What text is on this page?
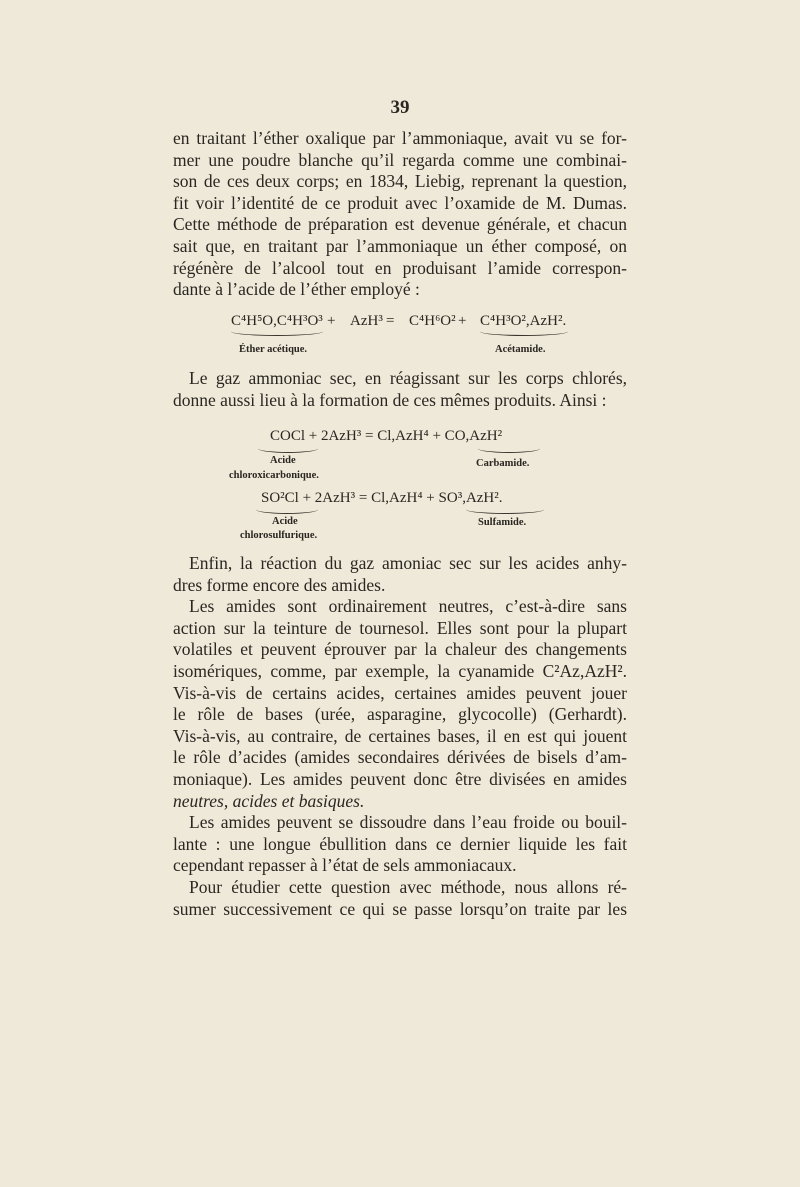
39
en traitant l’éther oxalique par l’ammoniaque, avait vu se for-
mer une poudre blanche qu’il regarda comme une combinai-
son de ces deux corps; en 1834, Liebig, reprenant la question,
fit voir l’identité de ce produit avec l’oxamide de M. Dumas.
Cette méthode de préparation est devenue générale, et chacun
sait que, en traitant par l’ammoniaque un éther composé, on
régénère de l’alcool tout en produisant l’amide correspon-
dante à l’acide de l’éther employé :
C⁴H⁵O,C⁴H³O³ + AzH³ = C⁴H⁶O² + C⁴H³O²,AzH².
Éther acétique.	Acétamide.
Le gaz ammoniac sec, en réagissant sur les corps chlorés,
donne aussi lieu à la formation de ces mêmes produits. Ainsi :
COCl + 2AzH³ = Cl,AzH⁴ + CO,AzH²
Acide
chloroxicarbonique.
Carbamide.
SO²Cl + 2AzH³ = Cl,AzH⁴ + SO³,AzH².
Acide
chlorosulfurique.
Sulfamide.
Enfin, la réaction du gaz amoniac sec sur les acides anhy-
dres forme encore des amides.
Les amides sont ordinairement neutres, c’est-à-dire sans
action sur la teinture de tournesol. Elles sont pour la plupart
volatiles et peuvent éprouver par la chaleur des changements
isomériques, comme, par exemple, la cyanamide C²Az,AzH².
Vis-à-vis de certains acides, certaines amides peuvent jouer
le rôle de bases (urée, asparagine, glycocolle) (Gerhardt).
Vis-à-vis, au contraire, de certaines bases, il en est qui jouent
le rôle d’acides (amides secondaires dérivées de bisels d’am-
moniaque). Les amides peuvent donc être divisées en amides
neutres, acides et basiques.
Les amides peuvent se dissoudre dans l’eau froide ou bouil-
lante : une longue ébullition dans ce dernier liquide les fait
cependant repasser à l’état de sels ammoniacaux.
Pour étudier cette question avec méthode, nous allons ré-
sumer successivement ce qui se passe lorsqu’on traite par les
